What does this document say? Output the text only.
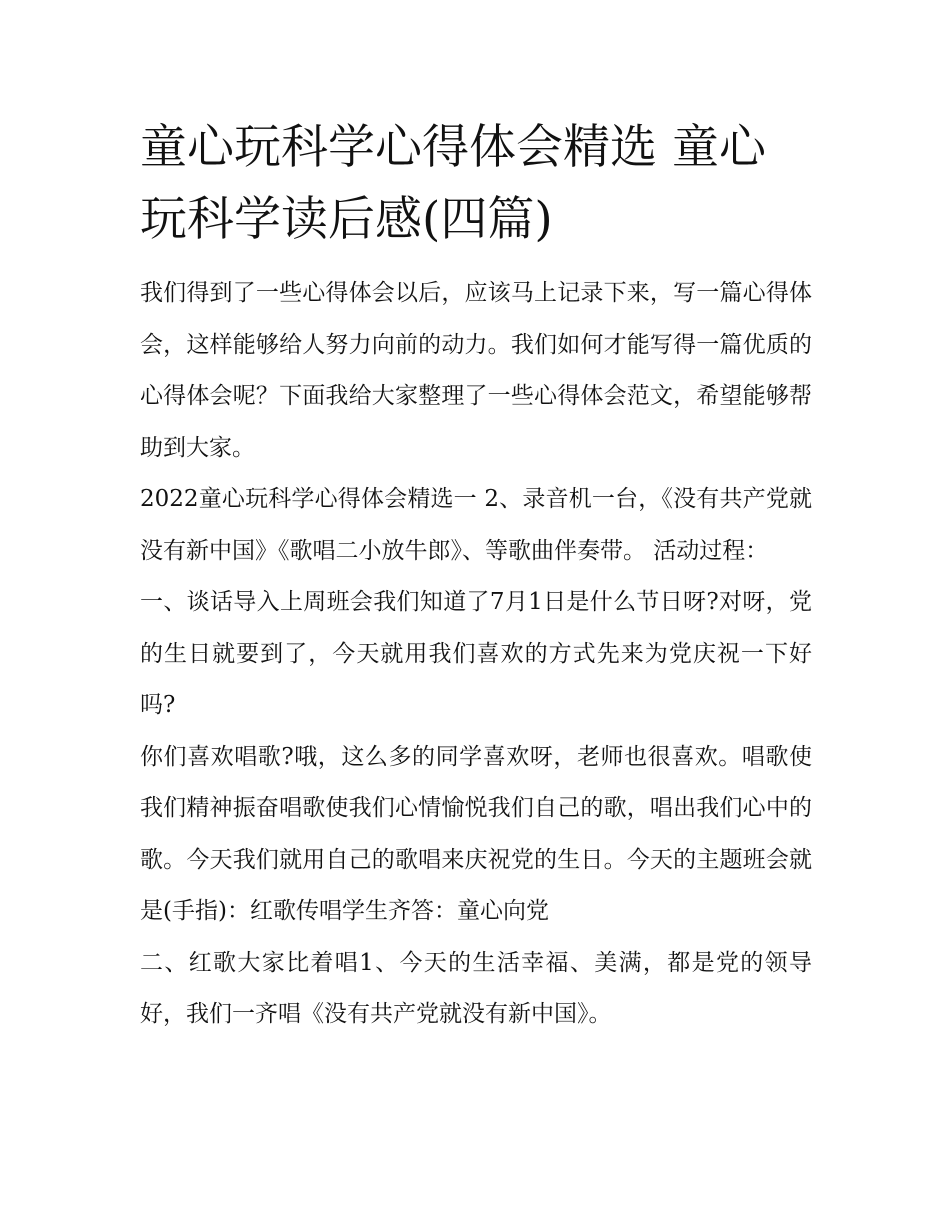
童心玩科学心得体会精选 童心玩科学读后感(四篇)

我们得到了一些心得体会以后，应该马上记录下来，写一篇心得体会，这样能够给人努力向前的动力。我们如何才能写得一篇优质的心得体会呢？下面我给大家整理了一些心得体会范文，希望能够帮助到大家。

2022童心玩科学心得体会精选一 2、录音机一台，《没有共产党就没有新中国》《歌唱二小放牛郎》、等歌曲伴奏带。 活动过程：

一、谈话导入上周班会我们知道了7月1日是什么节日呀?对呀，党的生日就要到了，今天就用我们喜欢的方式先来为党庆祝一下好吗?

你们喜欢唱歌?哦，这么多的同学喜欢呀，老师也很喜欢。唱歌使我们精神振奋唱歌使我们心情愉悦我们自己的歌，唱出我们心中的歌。今天我们就用自己的歌唱来庆祝党的生日。今天的主题班会就是(手指)：红歌传唱学生齐答：童心向党

二、红歌大家比着唱1、今天的生活幸福、美满，都是党的领导好，我们一齐唱《没有共产党就没有新中国》。
